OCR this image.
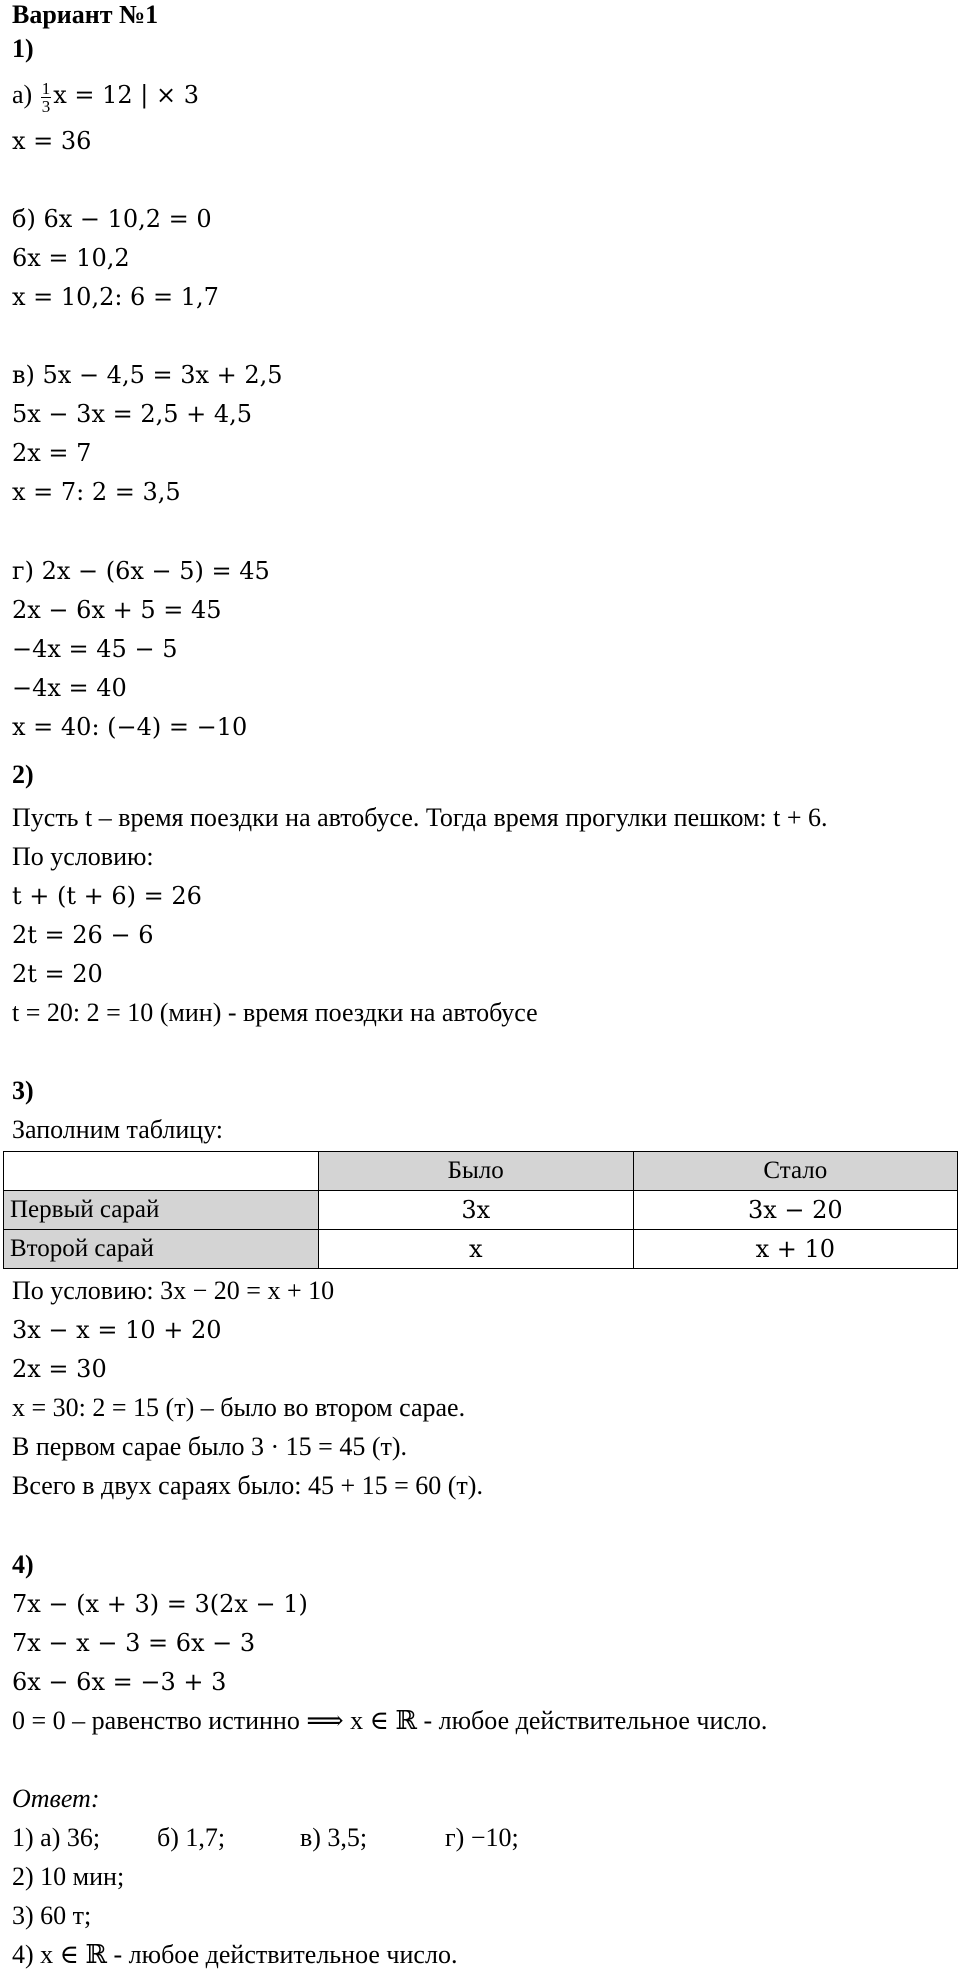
Вариант №1
1)
$а) \frac{1}{3}$ x = 12 | × 3
x = 36
б) 6x − 10,2 = 0
6x = 10,2
x = 10,2: 6 = 1,7
в) 5x − 4,5 = 3x + 2,5
5x − 3x = 2,5 + 4,5
2x = 7
x = 7: 2 = 3,5
г) 2x − (6x − 5) = 45
2x − 6x + 5 = 45
−4x = 45 − 5
−4x = 40
x = 40: (−4) = −10
2)
Пусть t – время поездки на автобусе. Тогда время прогулки пешком: t + 6.
По условию:
t + (t + 6) = 26
2t = 26 − 6
2t = 20
t = 20: 2 = 10 (мин) - время поездки на автобусе
3)
Заполним таблицу:
	Было	Стало
Первый сарай	3x	3x − 20
Второй сарай	x	x + 10
По условию: 3x − 20 = x + 10
3x − x = 10 + 20
2x = 30
x = 30: 2 = 15 (т) – было во втором сарае.
В первом сарае было 3 · 15 = 45 (т).
Всего в двух сараях было: 45 + 15 = 60 (т).
4)
7x − (x + 3) = 3(2x − 1)
7x − x − 3 = 6x − 3
6x − 6x = −3 + 3
0 = 0 – равенство истинно ⟹ x ∈ ℝ - любое действительное число.
Ответ:
1) а) 36; б) 1,7;	в) 3,5;	г) −10;
2) 10 мин;
3) 60 т;
4) x ∈ ℝ - любое действительное число.
